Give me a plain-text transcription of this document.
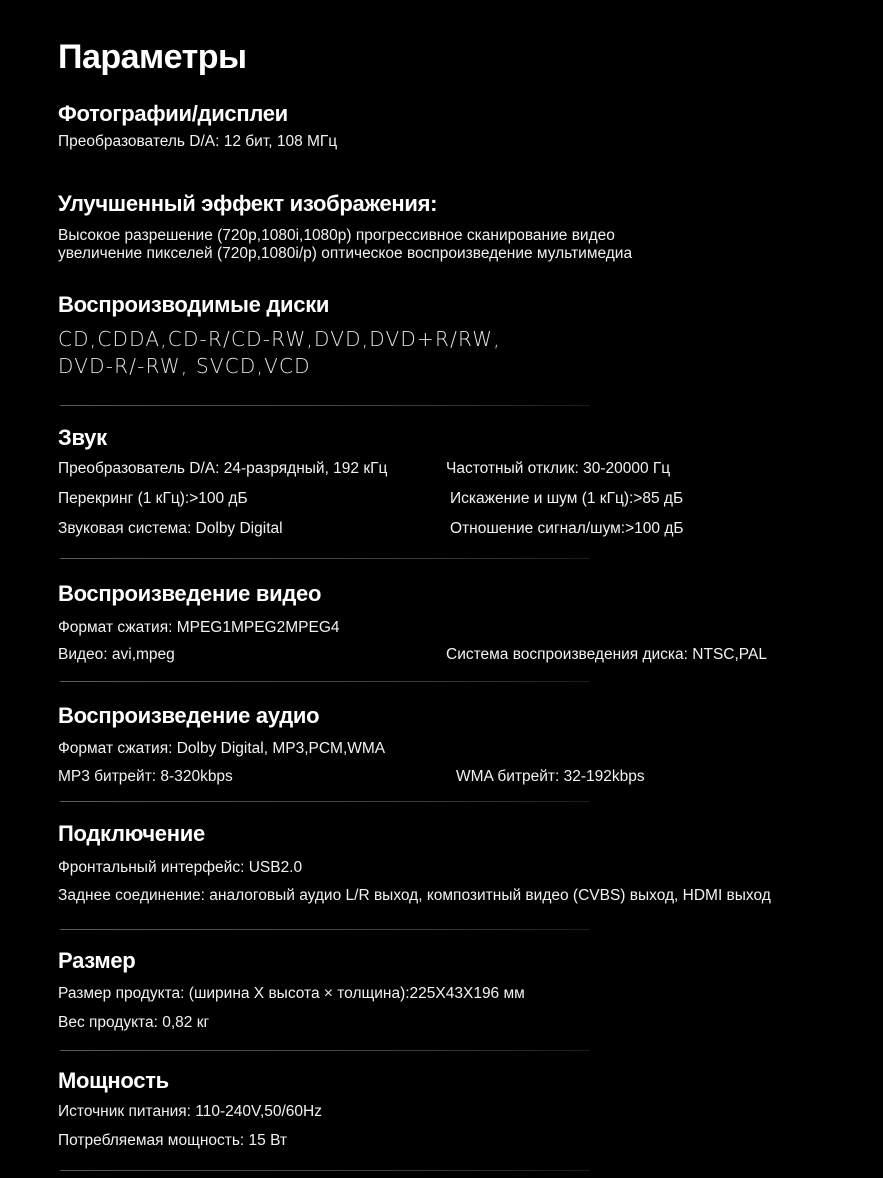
Параметры
Фотографии/дисплеи
Преобразователь D/A: 12 бит, 108 МГц
Улучшенный эффект изображения:
Высокое разрешение (720p,1080i,1080p) прогрессивное сканирование видео
увеличение пикселей (720p,1080i/p) оптическое воспроизведение мультимедиа
Воспроизводимые диски
CD,CDDA,CD-R/CD-RW,DVD,DVD+R/RW,
DVD-R/-RW, SVCD,VCD
Звук
Преобразователь D/A: 24-разрядный, 192 кГц	Частотный отклик: 30-20000 Гц
Перекринг (1 кГц):>100 дБ	Искажение и шум (1 кГц):>85 дБ
Звуковая система: Dolby Digital	Отношение сигнал/шум:>100 дБ
Воспроизведение видео
Формат сжатия: MPEG1MPEG2MPEG4
Видео: avi,mpeg	Система воспроизведения диска: NTSC,PAL
Воспроизведение аудио
Формат сжатия: Dolby Digital, MP3,PCM,WMA
MP3 битрейт: 8-320kbps	WMA битрейт: 32-192kbps
Подключение
Фронтальный интерфейс: USB2.0
Заднее соединение: аналоговый аудио L/R выход, композитный видео (CVBS) выход, HDMI выход
Размер
Размер продукта: (ширина X высота × толщина):225X43X196 мм
Вес продукта: 0,82 кг
Мощность
Источник питания: 110-240V,50/60Hz
Потребляемая мощность: 15 Вт
